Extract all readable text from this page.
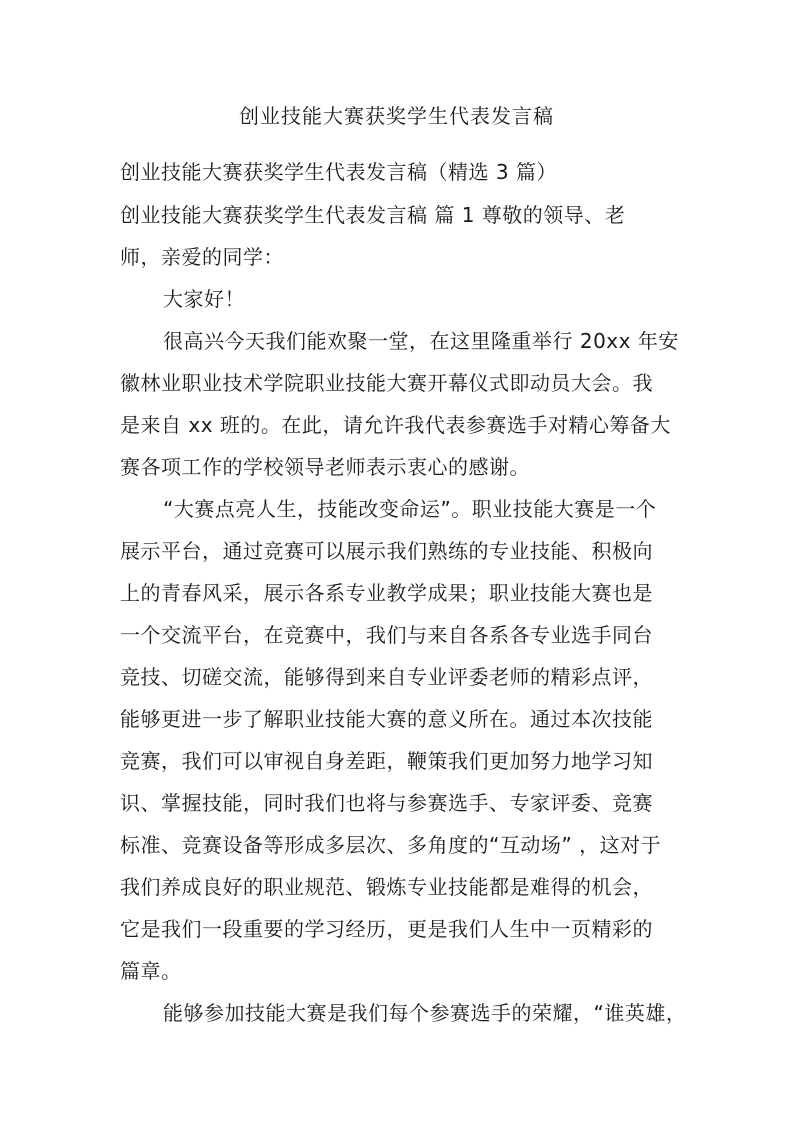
创业技能大赛获奖学生代表发言稿
创业技能大赛获奖学生代表发言稿（精选 3 篇）
创业技能大赛获奖学生代表发言稿 篇 1 尊敬的领导、老
师，亲爱的同学：
大家好！
很高兴今天我们能欢聚一堂，在这里隆重举行 20xx 年安
徽林业职业技术学院职业技能大赛开幕仪式即动员大会。我
是来自 xx 班的。在此，请允许我代表参赛选手对精心筹备大
赛各项工作的学校领导老师表示衷心的感谢。
“大赛点亮人生，技能改变命运”。职业技能大赛是一个
展示平台，通过竞赛可以展示我们熟练的专业技能、积极向
上的青春风采，展示各系专业教学成果；职业技能大赛也是
一个交流平台，在竞赛中，我们与来自各系各专业选手同台
竞技、切磋交流，能够得到来自专业评委老师的精彩点评，
能够更进一步了解职业技能大赛的意义所在。通过本次技能
竞赛，我们可以审视自身差距，鞭策我们更加努力地学习知
识、掌握技能，同时我们也将与参赛选手、专家评委、竞赛
标准、竞赛设备等形成多层次、多角度的“互动场” ，这对于
我们养成良好的职业规范、锻炼专业技能都是难得的机会，
它是我们一段重要的学习经历，更是我们人生中一页精彩的
篇章。
能够参加技能大赛是我们每个参赛选手的荣耀，“谁英雄，
